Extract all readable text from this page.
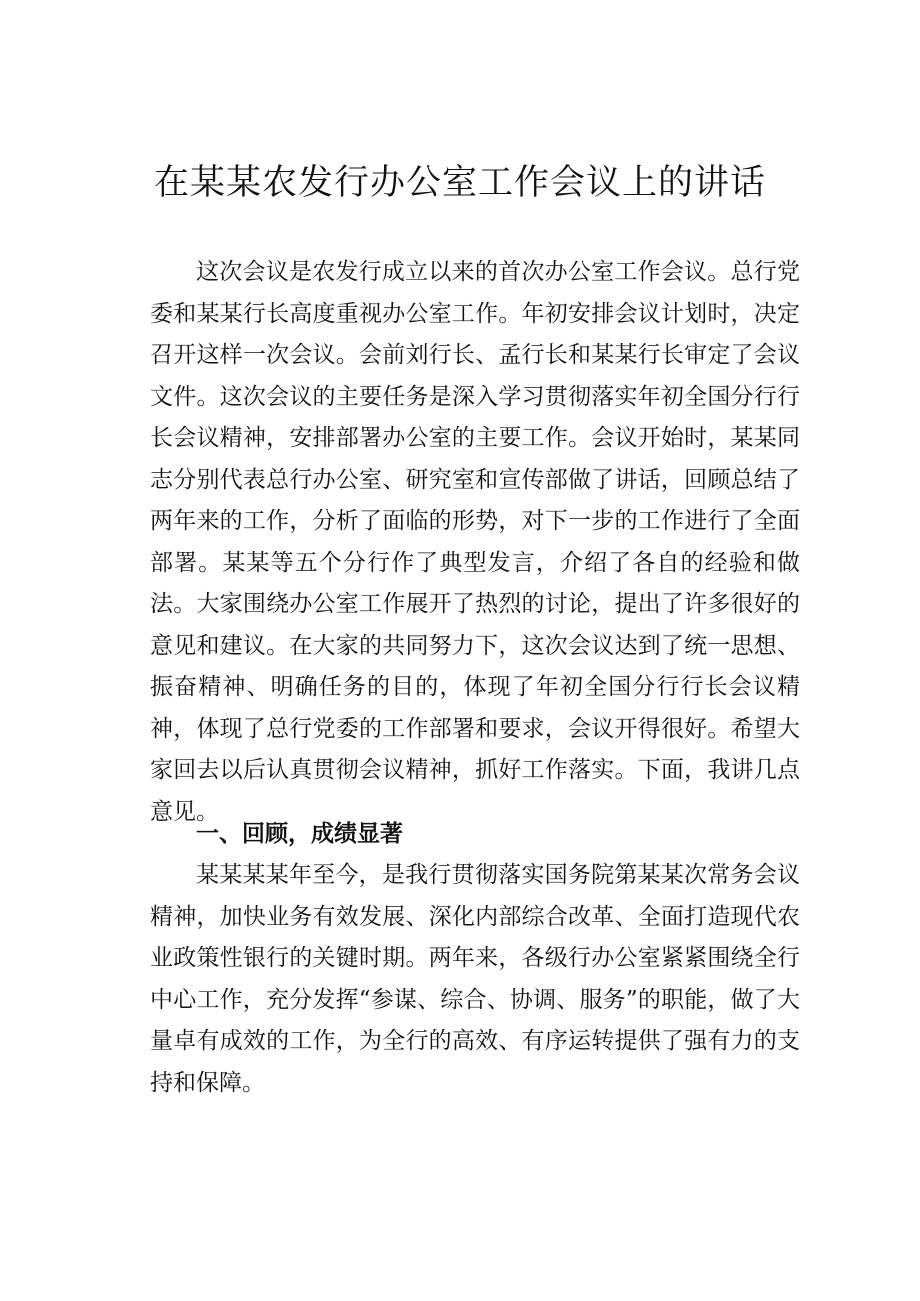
在某某农发行办公室工作会议上的讲话

这次会议是农发行成立以来的首次办公室工作会议。总行党委和某某行长高度重视办公室工作。年初安排会议计划时，决定召开这样一次会议。会前刘行长、孟行长和某某行长审定了会议文件。这次会议的主要任务是深入学习贯彻落实年初全国分行行长会议精神，安排部署办公室的主要工作。会议开始时，某某同志分别代表总行办公室、研究室和宣传部做了讲话，回顾总结了两年来的工作，分析了面临的形势，对下一步的工作进行了全面部署。某某等五个分行作了典型发言，介绍了各自的经验和做法。大家围绕办公室工作展开了热烈的讨论，提出了许多很好的意见和建议。在大家的共同努力下，这次会议达到了统一思想、振奋精神、明确任务的目的，体现了年初全国分行行长会议精神，体现了总行党委的工作部署和要求，会议开得很好。希望大家回去以后认真贯彻会议精神，抓好工作落实。下面，我讲几点意见。

一、回顾，成绩显著

某某某某年至今，是我行贯彻落实国务院第某某次常务会议精神，加快业务有效发展、深化内部综合改革、全面打造现代农业政策性银行的关键时期。两年来，各级行办公室紧紧围绕全行中心工作，充分发挥“参谋、综合、协调、服务”的职能，做了大量卓有成效的工作，为全行的高效、有序运转提供了强有力的支持和保障。
